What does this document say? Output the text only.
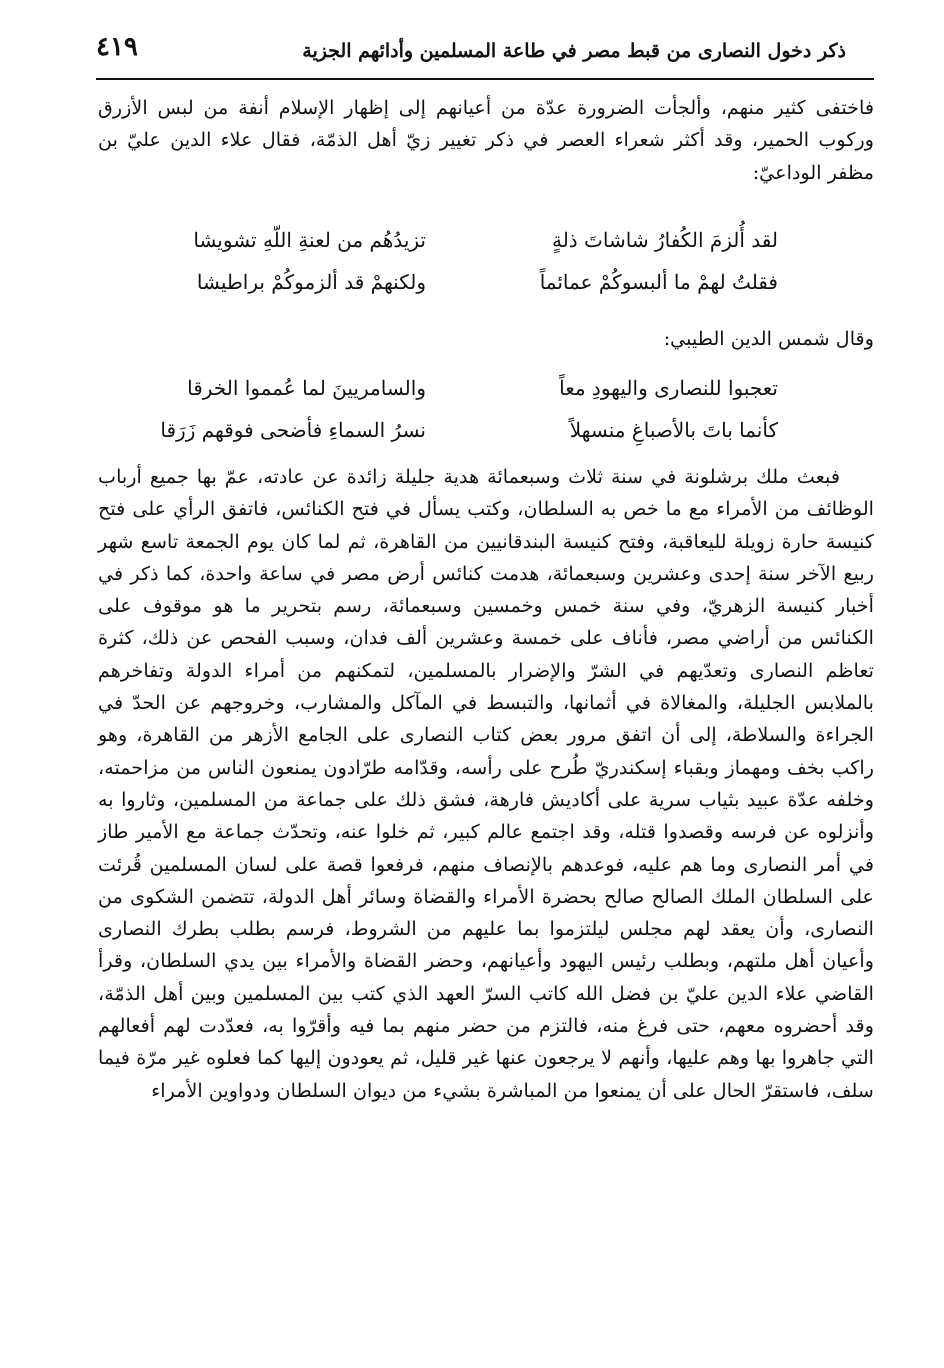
ذكر دخول النصارى من قبط مصر في طاعة المسلمين وأدائهم الجزية
٤١٩
فاختفى كثير منهم، وألجأت الضرورة عدّة من أعيانهم إلى إظهار الإسلام أنفة من لبس الأزرق وركوب الحمير، وقد أكثر شعراء العصر في ذكر تغيير زيّ أهل الذمّة، فقال علاء الدين عليّ بن مظفر الوداعيّ:
لقد أُلزمَ الكُفارُ شاشاتَ ذلةٍ
تزيدُهُم من لعنةِ اللّهِ تشويشا
فقلتُ لهمْ ما ألبسوكُمْ عمائماً
ولكنهمْ قد ألزموكُمْ براطيشا
وقال شمس الدين الطيبي:
تعجبوا للنصارى واليهودِ معاً
والسامريينَ لما عُمموا الخرقا
كأنما باتَ بالأصباغِ منسهلاً
نسرُ السماءِ فأضحى فوقهم زَرَقا
فبعث ملك برشلونة في سنة ثلاث وسبعمائة هدية جليلة زائدة عن عادته، عمّ بها جميع أرباب الوظائف من الأمراء مع ما خص به السلطان، وكتب يسأل في فتح الكنائس، فاتفق الرأي على فتح كنيسة حارة زويلة لليعاقبة، وفتح كنيسة البندقانيين من القاهرة، ثم لما كان يوم الجمعة تاسع شهر ربيع الآخر سنة إحدى وعشرين وسبعمائة، هدمت كنائس أرض مصر في ساعة واحدة، كما ذكر في أخبار كنيسة الزهريّ، وفي سنة خمس وخمسين وسبعمائة، رسم بتحرير ما هو موقوف على الكنائس من أراضي مصر، فأناف على خمسة وعشرين ألف فدان، وسبب الفحص عن ذلك، كثرة تعاظم النصارى وتعدّيهم في الشرّ والإضرار بالمسلمين، لتمكنهم من أمراء الدولة وتفاخرهم بالملابس الجليلة، والمغالاة في أثمانها، والتبسط في المآكل والمشارب، وخروجهم عن الحدّ في الجراءة والسلاطة، إلى أن اتفق مرور بعض كتاب النصارى على الجامع الأزهر من القاهرة، وهو راكب بخف ومهماز وبقباء إسكندريّ طُرح على رأسه، وقدّامه طرّادون يمنعون الناس من مزاحمته، وخلفه عدّة عبيد بثياب سرية على أكاديش فارهة، فشق ذلك على جماعة من المسلمين، وثاروا به وأنزلوه عن فرسه وقصدوا قتله، وقد اجتمع عالم كبير، ثم خلوا عنه، وتحدّث جماعة مع الأمير طاز في أمر النصارى وما هم عليه، فوعدهم بالإنصاف منهم، فرفعوا قصة على لسان المسلمين قُرئت على السلطان الملك الصالح صالح بحضرة الأمراء والقضاة وسائر أهل الدولة، تتضمن الشكوى من النصارى، وأن يعقد لهم مجلس ليلتزموا بما عليهم من الشروط، فرسم بطلب بطرك النصارى وأعيان أهل ملتهم، وبطلب رئيس اليهود وأعيانهم، وحضر القضاة والأمراء بين يدي السلطان، وقرأ القاضي علاء الدين عليّ بن فضل الله كاتب السرّ العهد الذي كتب بين المسلمين وبين أهل الذمّة، وقد أحضروه معهم، حتى فرغ منه، فالتزم من حضر منهم بما فيه وأقرّوا به، فعدّدت لهم أفعالهم التي جاهروا بها وهم عليها، وأنهم لا يرجعون عنها غير قليل، ثم يعودون إليها كما فعلوه غير مرّة فيما سلف، فاستقرّ الحال على أن يمنعوا من المباشرة بشيء من ديوان السلطان ودواوين الأمراء
